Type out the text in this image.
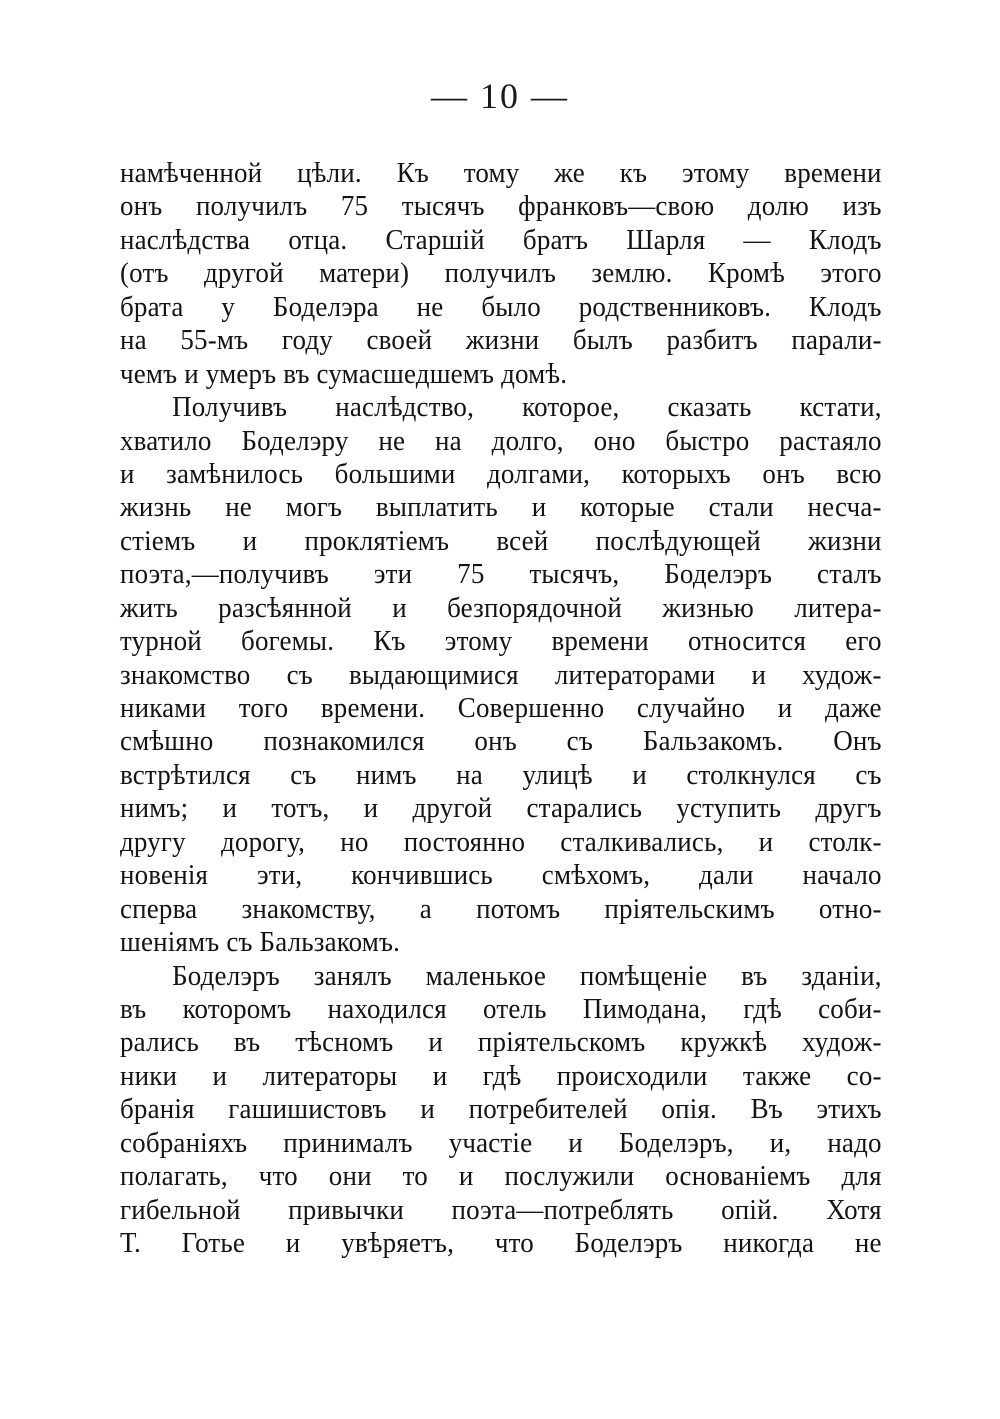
— 10 —
намѣченной цѣли. Къ тому же къ этому времени
онъ получилъ 75 тысячъ франковъ—свою долю изъ
наслѣдства отца. Старшій братъ Шарля — Клодъ
(отъ другой матери) получилъ землю. Кромѣ этого
брата у Боделэра не было родственниковъ. Клодъ
на 55-мъ году своей жизни былъ разбитъ парали-
чемъ и умеръ въ сумасшедшемъ домѣ.
Получивъ наслѣдство, которое, сказать кстати,
хватило Боделэру не на долго, оно быстро растаяло
и замѣнилось большими долгами, которыхъ онъ всю
жизнь не могъ выплатить и которые стали несча-
стіемъ и проклятіемъ всей послѣдующей жизни
поэта,—получивъ эти 75 тысячъ, Боделэръ сталъ
жить разсѣянной и безпорядочной жизнью литера-
турной богемы. Къ этому времени относится его
знакомство съ выдающимися литераторами и худож-
никами того времени. Совершенно случайно и даже
смѣшно познакомился онъ съ Бальзакомъ. Онъ
встрѣтился съ нимъ на улицѣ и столкнулся съ
нимъ; и тотъ, и другой старались уступить другъ
другу дорогу, но постоянно сталкивались, и столк-
новенія эти, кончившись смѣхомъ, дали начало
сперва знакомству, а потомъ пріятельскимъ отно-
шеніямъ съ Бальзакомъ.
Боделэръ занялъ маленькое помѣщеніе въ зданіи,
въ которомъ находился отель Пимодана, гдѣ соби-
рались въ тѣсномъ и пріятельскомъ кружкѣ худож-
ники и литераторы и гдѣ происходили также со-
бранія гашишистовъ и потребителей опія. Въ этихъ
собраніяхъ принималъ участіе и Боделэръ, и, надо
полагать, что они то и послужили основаніемъ для
гибельной привычки поэта—потреблять опій. Хотя
Т. Готье и увѣряетъ, что Боделэръ никогда не
